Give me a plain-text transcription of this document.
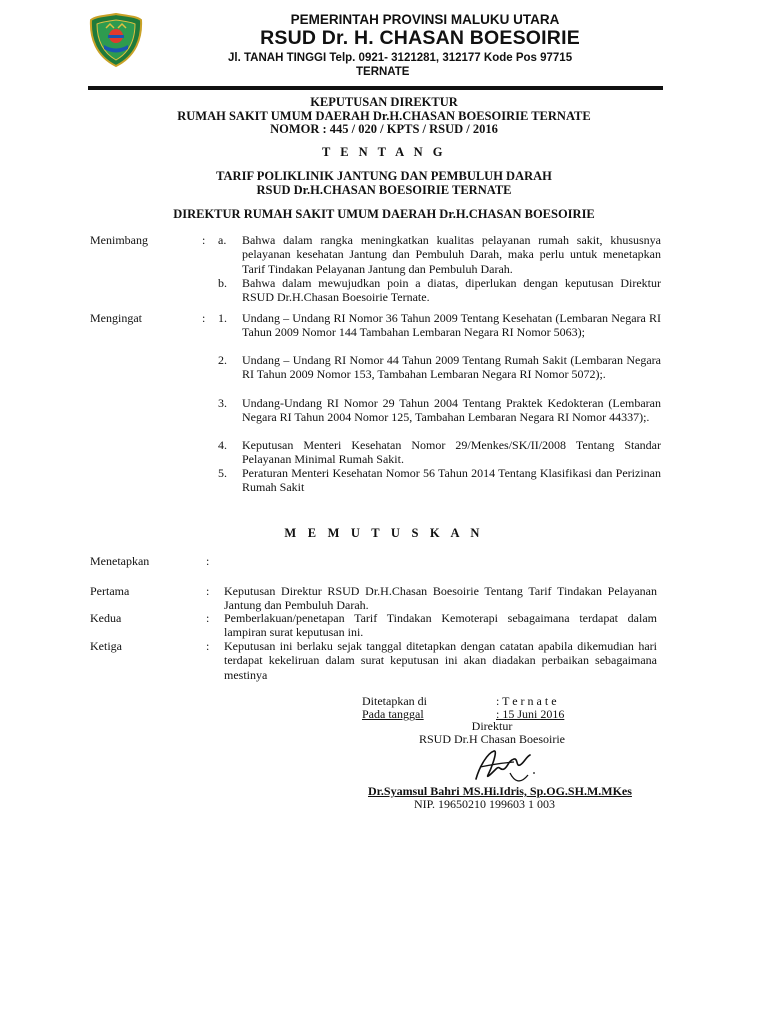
PEMERINTAH PROVINSI MALUKU UTARA
RSUD Dr. H. CHASAN BOESOIRIE
Jl. TANAH TINGGI Telp. 0921- 3121281, 312177 Kode Pos 97715
TERNATE
KEPUTUSAN DIREKTUR
RUMAH SAKIT UMUM DAERAH Dr.H.CHASAN BOESOIRIE TERNATE
NOMOR : 445 / 020 / KPTS / RSUD / 2016
T E N T A N G
TARIF POLIKLINIK JANTUNG DAN PEMBULUH DARAH
RSUD Dr.H.CHASAN BOESOIRIE TERNATE
DIREKTUR RUMAH SAKIT UMUM DAERAH Dr.H.CHASAN BOESOIRIE
Menimbang	: a. Bahwa dalam rangka meningkatkan kualitas pelayanan rumah sakit, khususnya pelayanan kesehatan Jantung dan Pembuluh Darah, maka perlu untuk menetapkan Tarif Tindakan Pelayanan Jantung dan Pembuluh Darah.
b. Bahwa dalam mewujudkan poin a diatas, diperlukan dengan keputusan Direktur RSUD Dr.H.Chasan Boesoirie Ternate.
Mengingat	: 1. Undang – Undang RI Nomor 36 Tahun 2009 Tentang Kesehatan (Lembaran Negara RI Tahun 2009 Nomor 144 Tambahan Lembaran Negara RI Nomor 5063);
2. Undang – Undang RI Nomor 44 Tahun 2009 Tentang Rumah Sakit (Lembaran Negara RI Tahun 2009 Nomor 153, Tambahan Lembaran Negara RI Nomor 5072);.
3. Undang-Undang RI Nomor 29 Tahun 2004 Tentang Praktek Kedokteran (Lembaran Negara RI Tahun 2004 Nomor 125, Tambahan Lembaran Negara RI Nomor 44337);.
4. Keputusan Menteri Kesehatan Nomor 29/Menkes/SK/II/2008 Tentang Standar Pelayanan Minimal Rumah Sakit.
5. Peraturan Menteri Kesehatan Nomor 56 Tahun 2014 Tentang Klasifikasi dan Perizinan Rumah Sakit
M E M U T U S K A N
Menetapkan	:
Pertama	: Keputusan Direktur RSUD Dr.H.Chasan Boesoirie Tentang Tarif Tindakan Pelayanan Jantung dan Pembuluh Darah.
Kedua	: Pemberlakuan/penetapan Tarif Tindakan Kemoterapi sebagaimana terdapat dalam lampiran surat keputusan ini.
Ketiga	: Keputusan ini berlaku sejak tanggal ditetapkan dengan catatan apabila dikemudian hari terdapat kekeliruan dalam surat keputusan ini akan diadakan perbaikan sebagaimana mestinya
Ditetapkan di	: T e r n a t e
Pada tanggal	: 15 Juni 2016
Direktur
RSUD Dr.H Chasan Boesoirie
Dr.Syamsul Bahri MS.Hi.Idris, Sp.OG.SH.M.MKes
NIP. 19650210 199603 1 003
